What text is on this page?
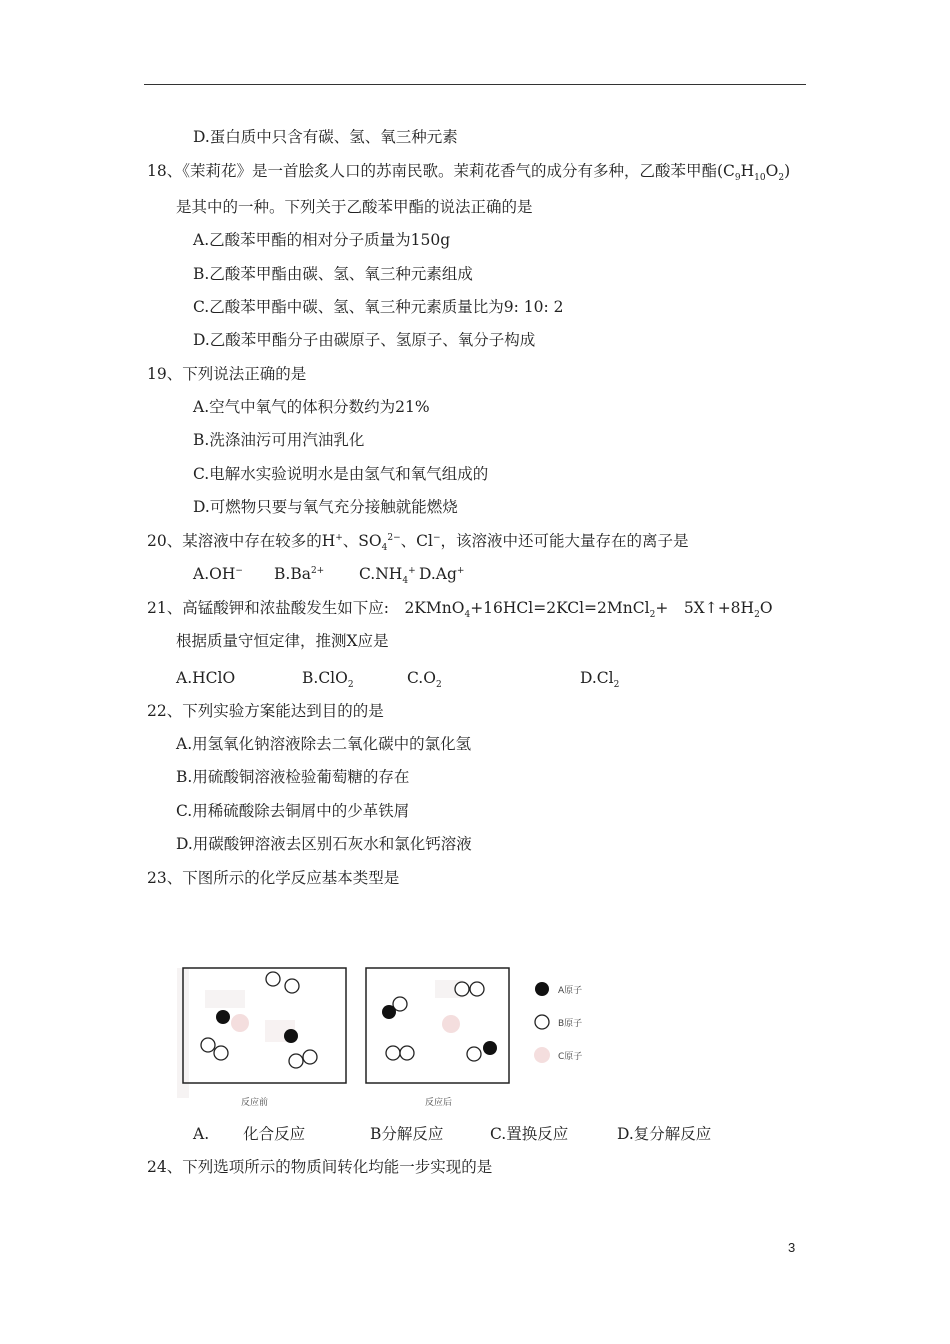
D.蛋白质中只含有碳、氢、氧三种元素
18、《茉莉花》是一首脍炙人口的苏南民歌。茉莉花香气的成分有多种，乙酸苯甲酯$(C_9H_{10}O_2)$
是其中的一种。下列关于乙酸苯甲酯的说法正确的是
A.乙酸苯甲酯的相对分子质量为150g
B.乙酸苯甲酯由碳、氢、氧三种元素组成
C.乙酸苯甲酯中碳、氢、氧三种元素质量比为9: 10: 2
D.乙酸苯甲酯分子由碳原子、氢原子、氧分子构成
19、下列说法正确的是
A.空气中氧气的体积分数约为21%
B.洗涤油污可用汽油乳化
C.电解水实验说明水是由氢气和氧气组成的
D.可燃物只要与氧气充分接触就能燃烧
20、某溶液中存在较多的H+、$SO_4^{2-}$、Cl−，该溶液中还可能大量存在的离子是
A.OH− $B.Ba^{2+}$ $C.NH_4^+$ D.Ag+
21、高锰酸钾和浓盐酸发生如下应:　2KMnO$_4$+16HCl=2KCl=2MnCl$_2$+　$5X↑+8H_2O$
根据质量守恒定律，推测X应是
A.HClO	B.ClO$_2$	$C.O_2$	$D.Cl_2$
22、下列实验方案能达到目的的是
A.用氢氧化钠溶液除去二氧化碳中的氯化氢
B.用硫酸铜溶液检验葡萄糖的存在
C.用稀硫酸除去铜屑中的少革铁屑
D.用碳酸钾溶液去区别石灰水和氯化钙溶液
23、下图所示的化学反应基本类型是
反应前	反应后
A原子
B原子
C原子
A. 化合反应	B分解反应	C.置换反应	D.复分解反应
24、下列选项所示的物质间转化均能一步实现的是
3
